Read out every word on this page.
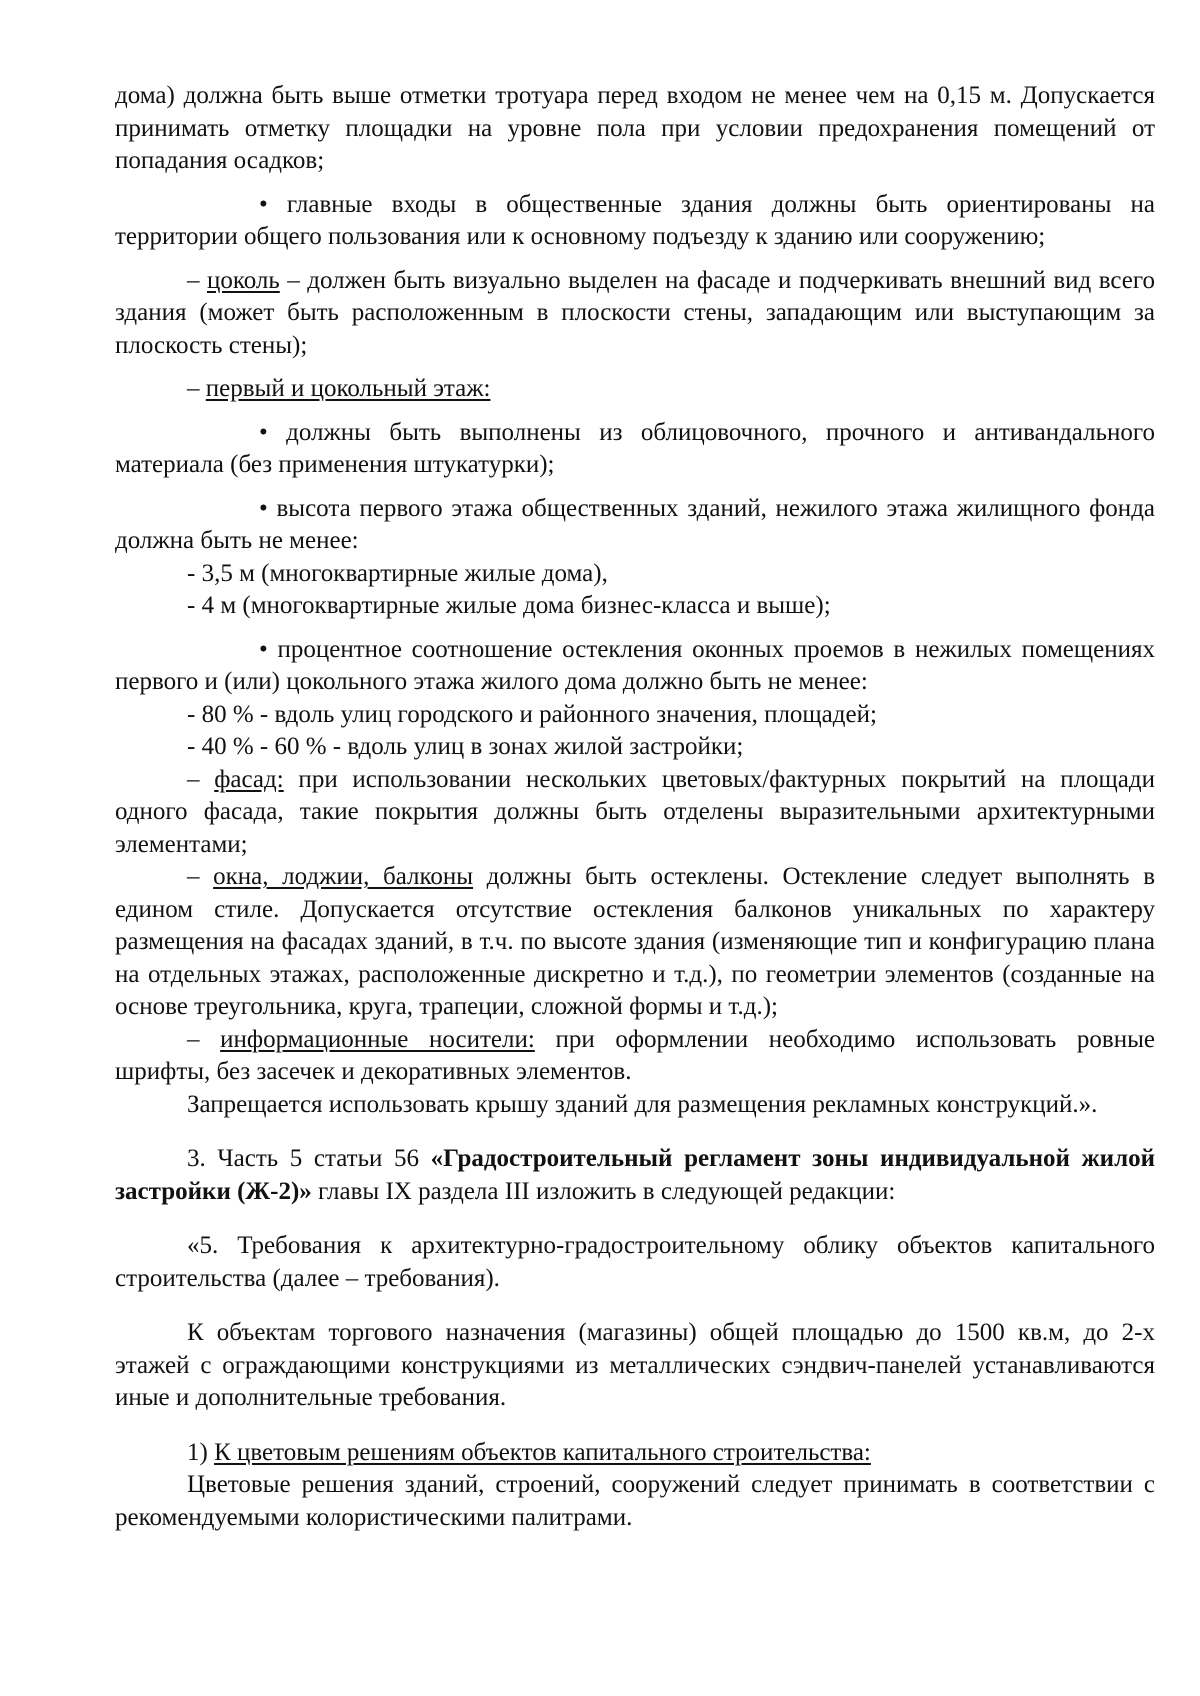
дома) должна быть выше отметки тротуара перед входом не менее чем на 0,15 м. Допускается принимать отметку площадки на уровне пола при условии предохранения помещений от попадания осадков;

• главные входы в общественные здания должны быть ориентированы на территории общего пользования или к основному подъезду к зданию или сооружению;

– цоколь – должен быть визуально выделен на фасаде и подчеркивать внешний вид всего здания (может быть расположенным в плоскости стены, западающим или выступающим за плоскость стены);

– первый и цокольный этаж:

• должны быть выполнены из облицовочного, прочного и антивандального материала (без применения штукатурки);

• высота первого этажа общественных зданий, нежилого этажа жилищного фонда должна быть не менее:

- 3,5 м (многоквартирные жилые дома),

- 4 м (многоквартирные жилые дома бизнес-класса и выше);

• процентное соотношение остекления оконных проемов в нежилых помещениях первого и (или) цокольного этажа жилого дома должно быть не менее:

- 80 % - вдоль улиц городского и районного значения, площадей;

- 40 % - 60 % - вдоль улиц в зонах жилой застройки;

– фасад: при использовании нескольких цветовых/фактурных покрытий на площади одного фасада, такие покрытия должны быть отделены выразительными архитектурными элементами;

– окна, лоджии, балконы должны быть остеклены. Остекление следует выполнять в едином стиле. Допускается отсутствие остекления балконов уникальных по характеру размещения на фасадах зданий, в т.ч. по высоте здания (изменяющие тип и конфигурацию плана на отдельных этажах, расположенные дискретно и т.д.), по геометрии элементов (созданные на основе треугольника, круга, трапеции, сложной формы и т.д.);

– информационные носители: при оформлении необходимо использовать ровные шрифты, без засечек и декоративных элементов.

Запрещается использовать крышу зданий для размещения рекламных конструкций.».

3. Часть 5 статьи 56 «Градостроительный регламент зоны индивидуальной жилой застройки (Ж-2)» главы IX раздела III изложить в следующей редакции:

«5. Требования к архитектурно-градостроительному облику объектов капитального строительства (далее – требования).

К объектам торгового назначения (магазины) общей площадью до 1500 кв.м, до 2-х этажей с ограждающими конструкциями из металлических сэндвич-панелей устанавливаются иные и дополнительные требования.

1) К цветовым решениям объектов капитального строительства:

Цветовые решения зданий, строений, сооружений следует принимать в соответствии с рекомендуемыми колористическими палитрами.
